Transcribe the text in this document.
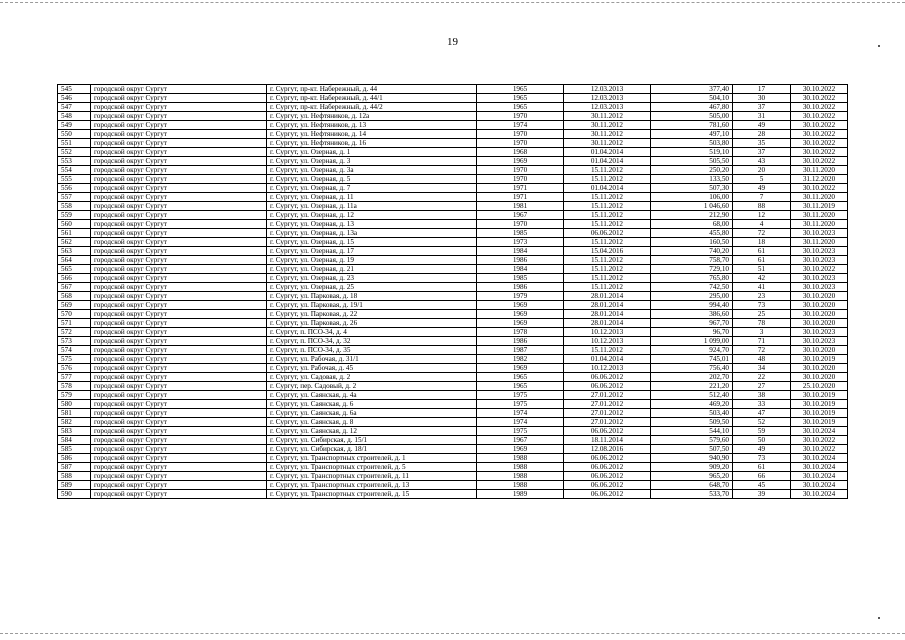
19
545	городской округ Сургут	г. Сургут, пр-кт. Набережный, д. 44	1965	12.03.2013	377,40	17	30.10.2022
546	городской округ Сургут	г. Сургут, пр-кт. Набережный, д. 44/1	1965	12.03.2013	504,10	30	30.10.2022
547	городской округ Сургут	г. Сургут, пр-кт. Набережный, д. 44/2	1965	12.03.2013	467,80	37	30.10.2022
548	городской округ Сургут	г. Сургут, ул. Нефтяников, д. 12а	1970	30.11.2012	505,00	31	30.10.2022
549	городской округ Сургут	г. Сургут, ул. Нефтяников, д. 13	1974	30.11.2012	781,60	49	30.10.2022
550	городской округ Сургут	г. Сургут, ул. Нефтяников, д. 14	1970	30.11.2012	497,10	28	30.10.2022
551	городской округ Сургут	г. Сургут, ул. Нефтяников, д. 16	1970	30.11.2012	503,80	35	30.10.2022
552	городской округ Сургут	г. Сургут, ул. Озерная, д. 1	1968	01.04.2014	519,10	37	30.10.2022
553	городской округ Сургут	г. Сургут, ул. Озерная, д. 3	1969	01.04.2014	505,50	43	30.10.2022
554	городской округ Сургут	г. Сургут, ул. Озерная, д. 3а	1970	15.11.2012	250,20	20	30.11.2020
555	городской округ Сургут	г. Сургут, ул. Озерная, д. 5	1970	15.11.2012	133,50	5	31.12.2020
556	городской округ Сургут	г. Сургут, ул. Озерная, д. 7	1971	01.04.2014	507,30	49	30.10.2022
557	городской округ Сургут	г. Сургут, ул. Озерная, д. 11	1971	15.11.2012	106,00	7	30.11.2020
558	городской округ Сургут	г. Сургут, ул. Озерная, д. 11а	1981	15.11.2012	1 046,60	88	30.11.2019
559	городской округ Сургут	г. Сургут, ул. Озерная, д. 12	1967	15.11.2012	212,90	12	30.11.2020
560	городской округ Сургут	г. Сургут, ул. Озерная, д. 13	1970	15.11.2012	68,00	4	30.11.2020
561	городской округ Сургут	г. Сургут, ул. Озерная, д. 13а	1985	06.06.2012	455,80	72	30.10.2023
562	городской округ Сургут	г. Сургут, ул. Озерная, д. 15	1973	15.11.2012	160,50	18	30.11.2020
563	городской округ Сургут	г. Сургут, ул. Озерная, д. 17	1984	15.04.2016	740,20	61	30.10.2023
564	городской округ Сургут	г. Сургут, ул. Озерная, д. 19	1986	15.11.2012	758,70	61	30.10.2023
565	городской округ Сургут	г. Сургут, ул. Озерная, д. 21	1984	15.11.2012	729,10	51	30.10.2022
566	городской округ Сургут	г. Сургут, ул. Озерная, д. 23	1985	15.11.2012	765,80	42	30.10.2023
567	городской округ Сургут	г. Сургут, ул. Озерная, д. 25	1986	15.11.2012	742,50	41	30.10.2023
568	городской округ Сургут	г. Сургут, ул. Парковая, д. 18	1979	28.01.2014	295,00	23	30.10.2020
569	городской округ Сургут	г. Сургут, ул. Парковая, д. 19/1	1969	28.01.2014	994,40	73	30.10.2020
570	городской округ Сургут	г. Сургут, ул. Парковая, д. 22	1969	28.01.2014	386,60	25	30.10.2020
571	городской округ Сургут	г. Сургут, ул. Парковая, д. 26	1969	28.01.2014	967,70	78	30.10.2020
572	городской округ Сургут	г. Сургут, п. ПСО-34, д. 4	1978	10.12.2013	96,70	3	30.10.2023
573	городской округ Сургут	г. Сургут, п. ПСО-34, д. 32	1986	10.12.2013	1 099,00	71	30.10.2023
574	городской округ Сургут	г. Сургут, п. ПСО-34, д. 35	1987	15.11.2012	924,70	72	30.10.2020
575	городской округ Сургут	г. Сургут, ул. Рабочая, д. 31/1	1982	01.04.2014	745,01	48	30.10.2019
576	городской округ Сургут	г. Сургут, ул. Рабочая, д. 45	1969	10.12.2013	756,40	34	30.10.2020
577	городской округ Сургут	г. Сургут, ул. Садовая, д. 2	1965	06.06.2012	202,70	22	30.10.2020
578	городской округ Сургут	г. Сургут, пер. Садовый, д. 2	1965	06.06.2012	221,20	27	25.10.2020
579	городской округ Сургут	г. Сургут, ул. Саянская, д. 4а	1975	27.01.2012	512,40	38	30.10.2019
580	городской округ Сургут	г. Сургут, ул. Саянская, д. 6	1975	27.01.2012	469,20	33	30.10.2019
581	городской округ Сургут	г. Сургут, ул. Саянская, д. 6а	1974	27.01.2012	503,40	47	30.10.2019
582	городской округ Сургут	г. Сургут, ул. Саянская, д. 8	1974	27.01.2012	509,50	52	30.10.2019
583	городской округ Сургут	г. Сургут, ул. Саянская, д. 12	1975	06.06.2012	544,10	59	30.10.2024
584	городской округ Сургут	г. Сургут, ул. Сибирская, д. 15/1	1967	18.11.2014	579,60	50	30.10.2022
585	городской округ Сургут	г. Сургут, ул. Сибирская, д. 18/1	1969	12.08.2016	507,50	49	30.10.2022
586	городской округ Сургут	г. Сургут, ул. Транспортных строителей, д. 1	1988	06.06.2012	940,90	73	30.10.2024
587	городской округ Сургут	г. Сургут, ул. Транспортных строителей, д. 5	1988	06.06.2012	909,20	61	30.10.2024
588	городской округ Сургут	г. Сургут, ул. Транспортных строителей, д. 11	1988	06.06.2012	965,20	66	30.10.2024
589	городской округ Сургут	г. Сургут, ул. Транспортных строителей, д. 13	1988	06.06.2012	648,70	45	30.10.2024
590	городской округ Сургут	г. Сургут, ул. Транспортных строителей, д. 15	1989	06.06.2012	533,70	39	30.10.2024
